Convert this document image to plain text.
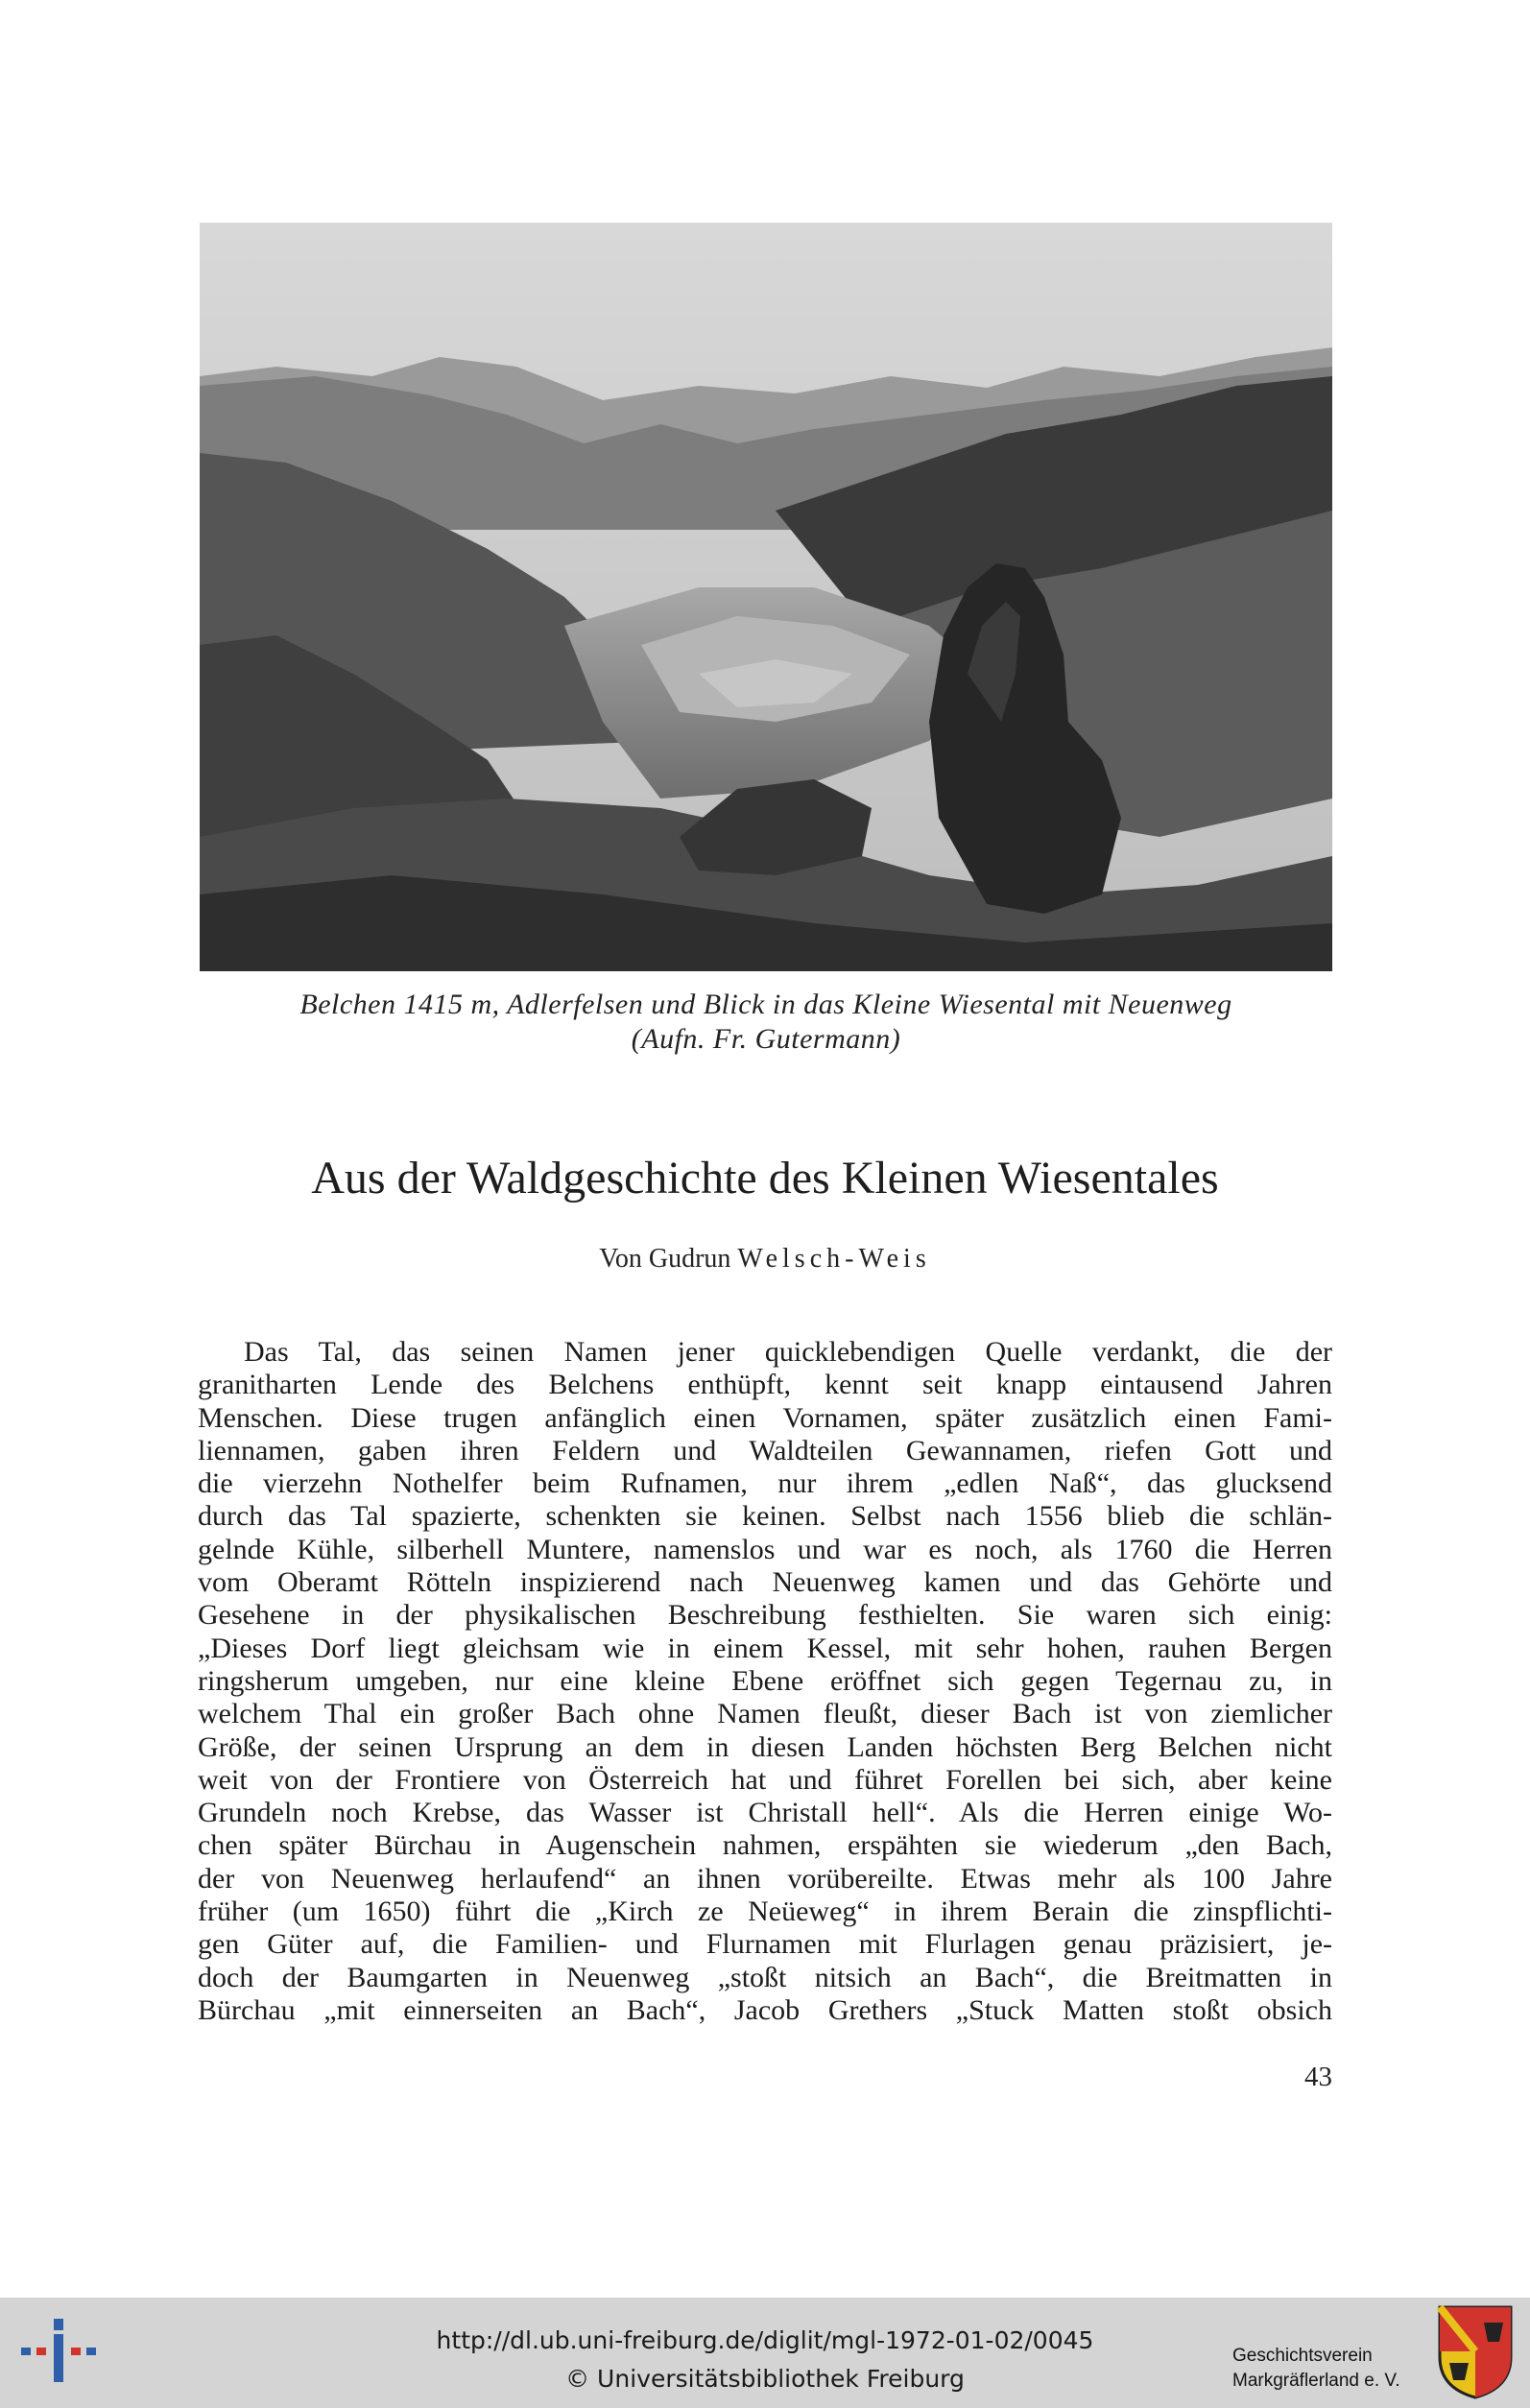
Belchen 1415 m, Adlerfelsen und Blick in das Kleine Wiesental mit Neuenweg
(Aufn. Fr. Gutermann)
Aus der Waldgeschichte des Kleinen Wiesentales
Von Gudrun Welsch-Weis
Das Tal, das seinen Namen jener quicklebendigen Quelle verdankt, die der
granitharten Lende des Belchens enthüpft, kennt seit knapp eintausend Jahren
Menschen. Diese trugen anfänglich einen Vornamen, später zusätzlich einen Fami-
liennamen, gaben ihren Feldern und Waldteilen Gewannamen, riefen Gott und
die vierzehn Nothelfer beim Rufnamen, nur ihrem „edlen Naß“, das glucksend
durch das Tal spazierte, schenkten sie keinen. Selbst nach 1556 blieb die schlän-
gelnde Kühle, silberhell Muntere, namenslos und war es noch, als 1760 die Herren
vom Oberamt Rötteln inspizierend nach Neuenweg kamen und das Gehörte und
Gesehene in der physikalischen Beschreibung festhielten. Sie waren sich einig:
„Dieses Dorf liegt gleichsam wie in einem Kessel, mit sehr hohen, rauhen Bergen
ringsherum umgeben, nur eine kleine Ebene eröffnet sich gegen Tegernau zu, in
welchem Thal ein großer Bach ohne Namen fleußt, dieser Bach ist von ziemlicher
Größe, der seinen Ursprung an dem in diesen Landen höchsten Berg Belchen nicht
weit von der Frontiere von Österreich hat und führet Forellen bei sich, aber keine
Grundeln noch Krebse, das Wasser ist Christall hell“. Als die Herren einige Wo-
chen später Bürchau in Augenschein nahmen, erspähten sie wiederum „den Bach,
der von Neuenweg herlaufend“ an ihnen vorübereilte. Etwas mehr als 100 Jahre
früher (um 1650) führt die „Kirch ze Neüeweg“ in ihrem Berain die zinspflichti-
gen Güter auf, die Familien- und Flurnamen mit Flurlagen genau präzisiert, je-
doch der Baumgarten in Neuenweg „stoßt nitsich an Bach“, die Breitmatten in
Bürchau „mit einnerseiten an Bach“, Jacob Grethers „Stuck Matten stoßt obsich
43
http://dl.ub.uni-freiburg.de/diglit/mgl-1972-01-02/0045
© Universitätsbibliothek Freiburg
Geschichtsverein
Markgräflerland e. V.
